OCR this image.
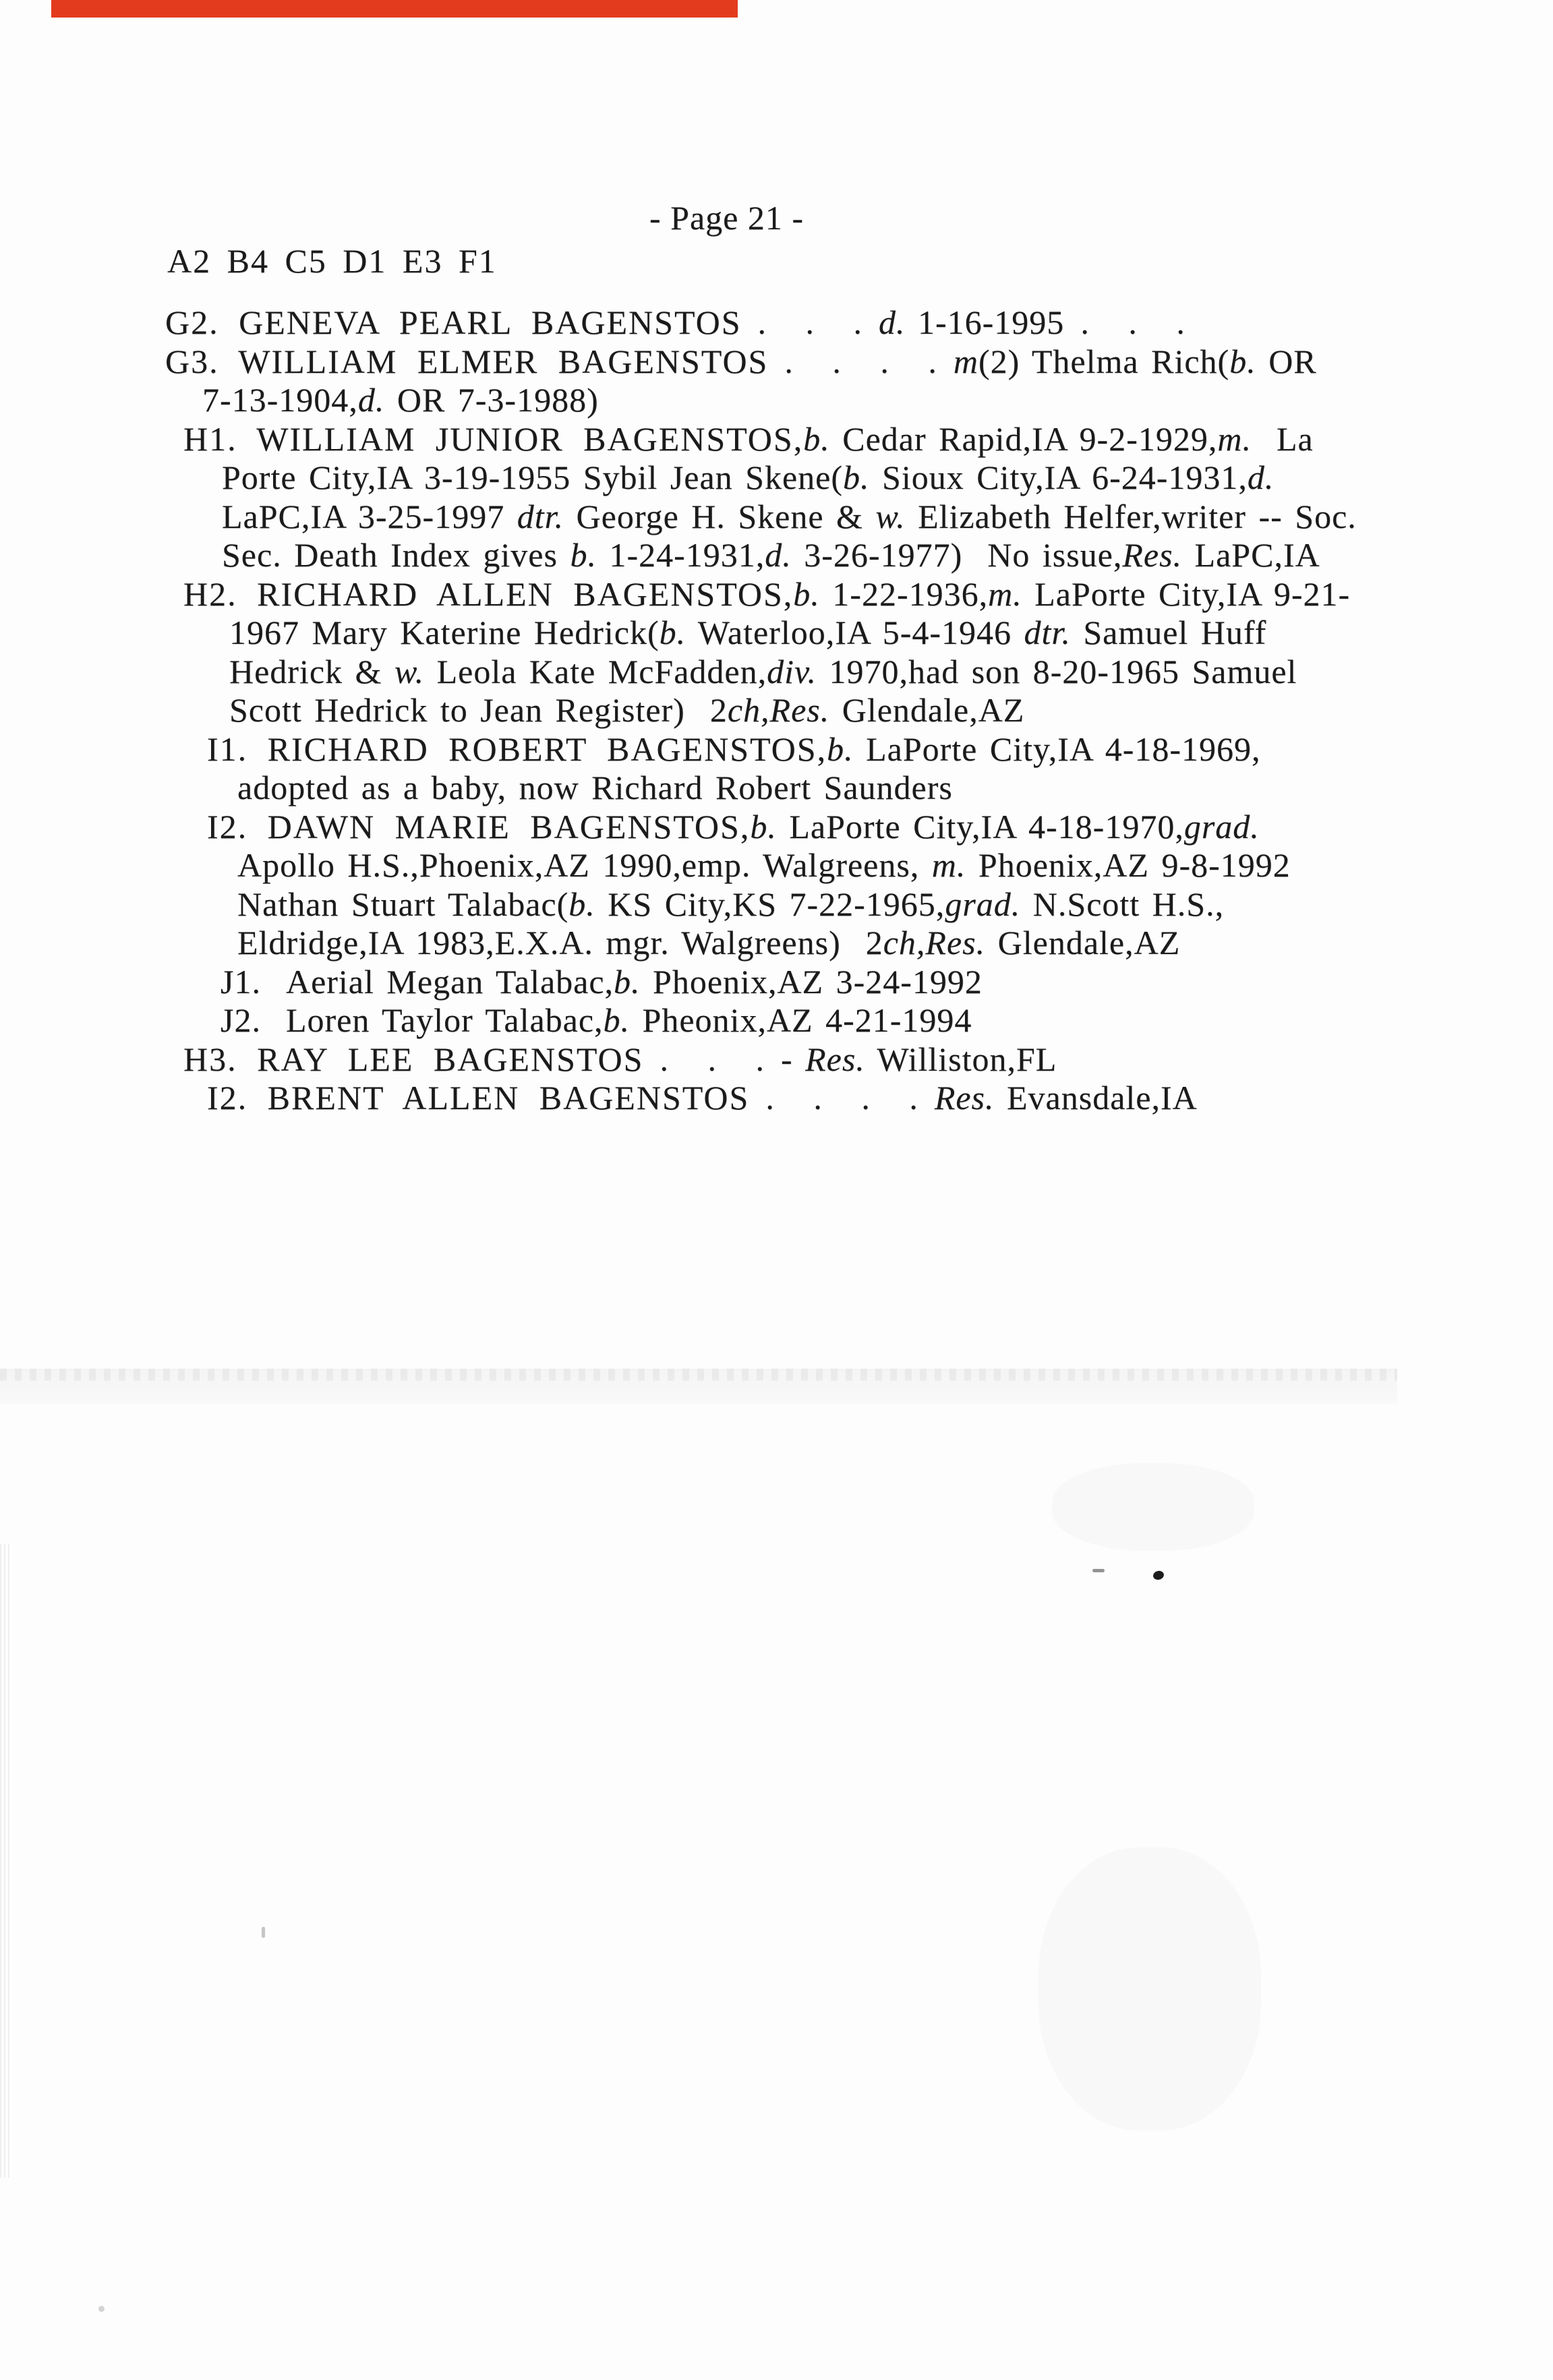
- Page 21 -
A2 B4 C5 D1 E3 F1
G2. GENEVA PEARL BAGENSTOS . . . d. 1-16-1995 . . .
G3. WILLIAM ELMER BAGENSTOS . . . . m(2) Thelma Rich(b. OR
7-13-1904,d. OR 7-3-1988)
H1. WILLIAM JUNIOR BAGENSTOS,b. Cedar Rapid,IA 9-2-1929,m.  La
Porte City,IA 3-19-1955 Sybil Jean Skene(b. Sioux City,IA 6-24-1931,d.
LaPC,IA 3-25-1997 dtr. George H. Skene & w. Elizabeth Helfer,writer -- Soc.
Sec. Death Index gives b. 1-24-1931,d. 3-26-1977)  No issue,Res. LaPC,IA
H2. RICHARD ALLEN BAGENSTOS,b. 1-22-1936,m. LaPorte City,IA 9-21-
1967 Mary Katerine Hedrick(b. Waterloo,IA 5-4-1946 dtr. Samuel Huff
Hedrick & w. Leola Kate McFadden,div. 1970,had son 8-20-1965 Samuel
Scott Hedrick to Jean Register)  2ch,Res. Glendale,AZ
I1. RICHARD ROBERT BAGENSTOS,b. LaPorte City,IA 4-18-1969,
adopted as a baby, now Richard Robert Saunders
I2. DAWN MARIE BAGENSTOS,b. LaPorte City,IA 4-18-1970,grad.
Apollo H.S.,Phoenix,AZ 1990,emp. Walgreens, m. Phoenix,AZ 9-8-1992
Nathan Stuart Talabac(b. KS City,KS 7-22-1965,grad. N.Scott H.S.,
Eldridge,IA 1983,E.X.A. mgr. Walgreens)  2ch,Res. Glendale,AZ
J1.  Aerial Megan Talabac,b. Phoenix,AZ 3-24-1992
J2.  Loren Taylor Talabac,b. Pheonix,AZ 4-21-1994
H3. RAY LEE BAGENSTOS . . . - Res. Williston,FL
I2. BRENT ALLEN BAGENSTOS . . . . Res. Evansdale,IA
